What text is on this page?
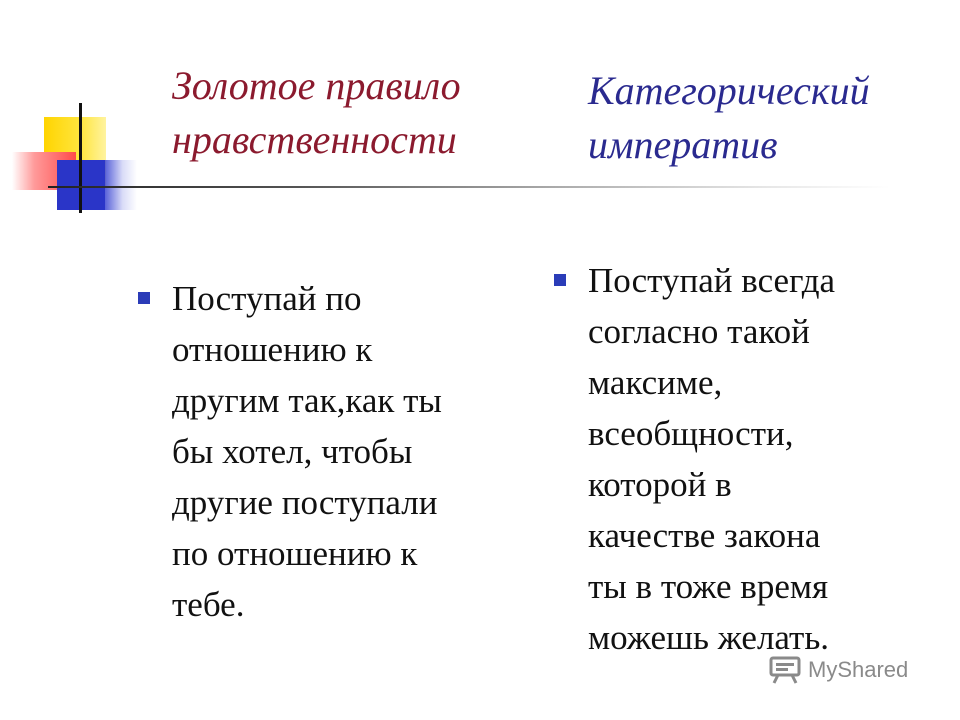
Золотое правило
нравственности
Категорический
императив
Поступай по
отношению к
другим так,как ты
бы хотел, чтобы
другие поступали
по отношению к
тебе.
Поступай всегда
согласно такой
максиме,
всеобщности,
которой в
качестве закона
ты в тоже время
можешь желать.
MyShared
